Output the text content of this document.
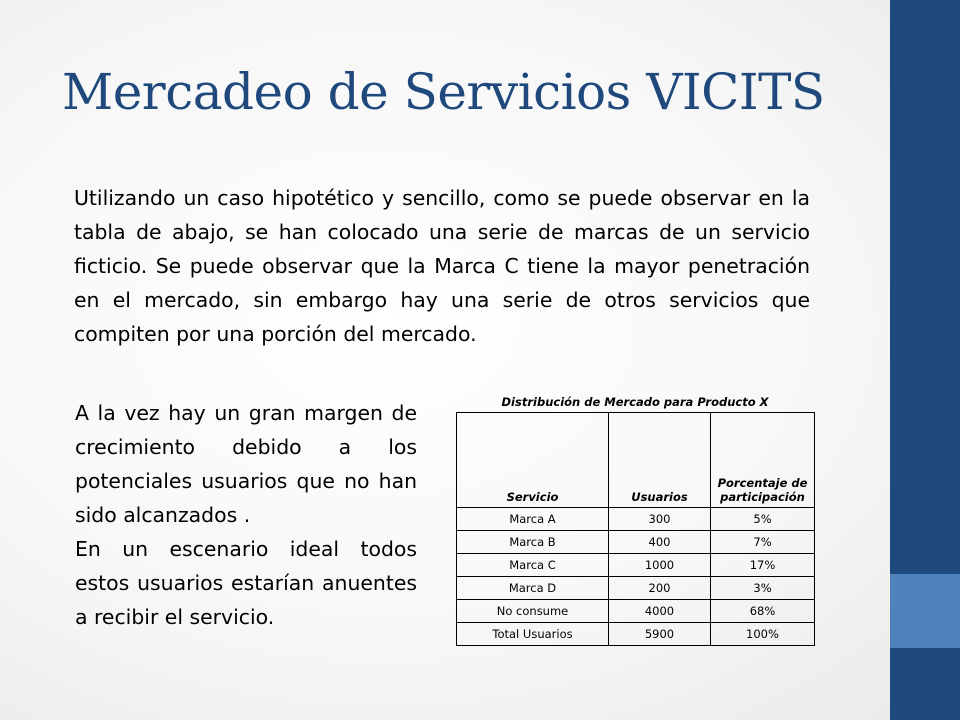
Mercadeo de Servicios VICITS

Utilizando un caso hipotético y sencillo, como se puede observar en la tabla de abajo, se han colocado una serie de marcas de un servicio ficticio. Se puede observar que la Marca C tiene la mayor penetración en el mercado, sin embargo hay una serie de otros servicios que compiten por una porción del mercado.

A la vez hay un gran margen de crecimiento debido a los potenciales usuarios que no han sido alcanzados .

En un escenario ideal todos estos usuarios estarían anuentes a recibir el servicio.

Distribución de Mercado para Producto X
Servicio	Usuarios	Porcentaje de participación
Marca A	300	5%
Marca B	400	7%
Marca C	1000	17%
Marca D	200	3%
No consume	4000	68%
Total Usuarios	5900	100%
